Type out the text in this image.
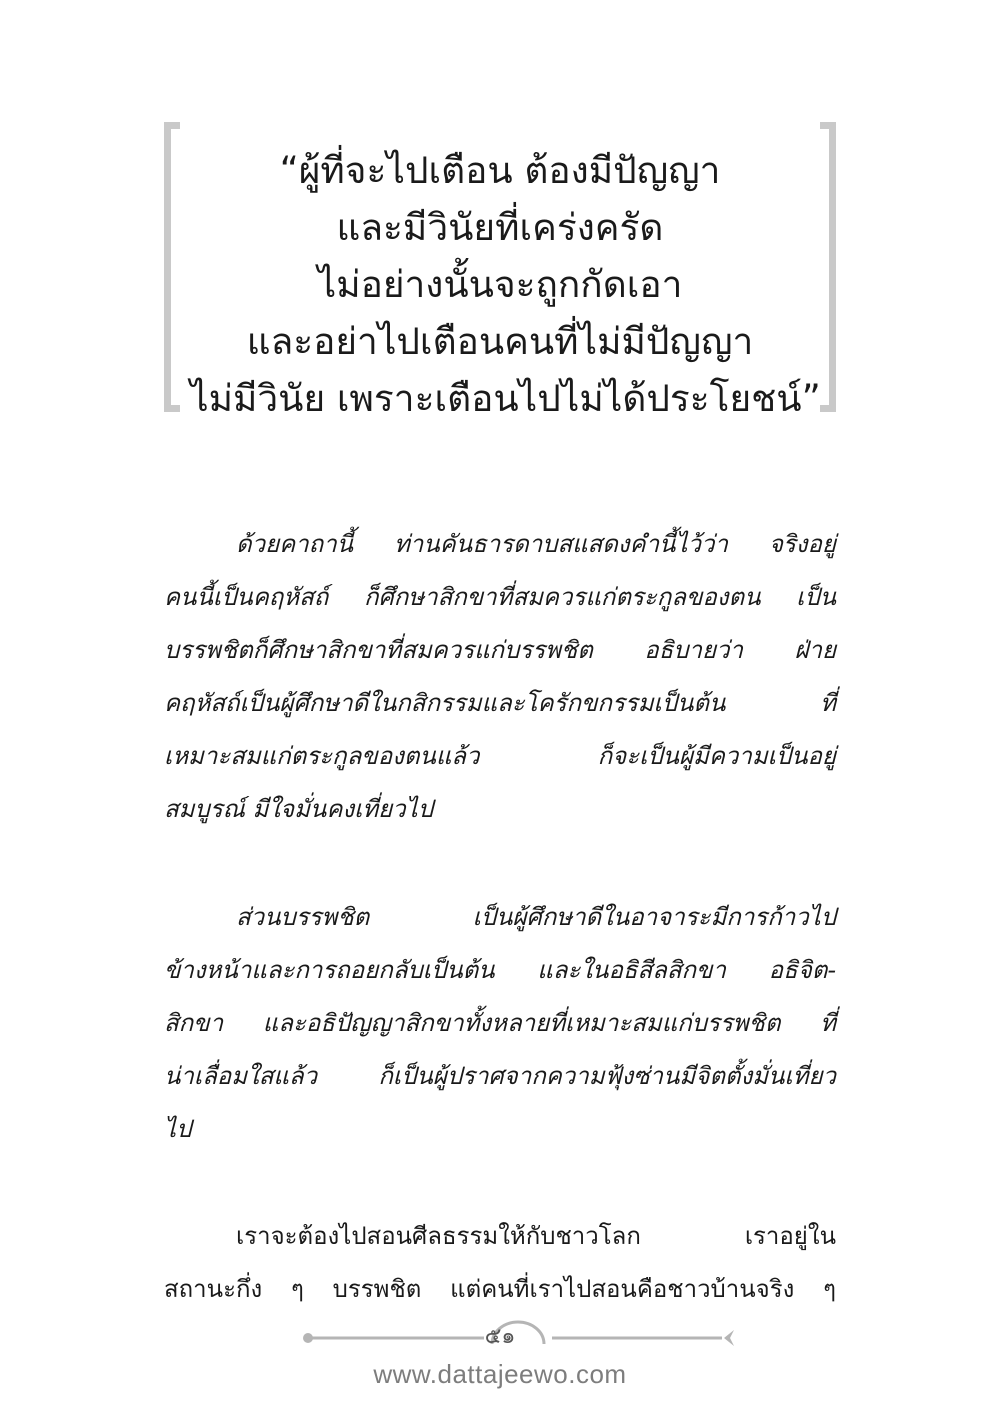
“ผู้ที่จะไปเตือน ต้องมีปัญญา
และมีวินัยที่เคร่งครัด
ไม่อย่างนั้นจะถูกกัดเอา
และอย่าไปเตือนคนที่ไม่มีปัญญา
ไม่มีวินัย เพราะเตือนไปไม่ได้ประโยชน์”
ด้วยคาถานี้ ท่านคันธารดาบสแสดงคำนี้ไว้ว่า จริงอยู่
คนนี้เป็นคฤหัสถ์ ก็ศึกษาสิกขาที่สมควรแก่ตระกูลของตน เป็น
บรรพชิตก็ศึกษาสิกขาที่สมควรแก่บรรพชิต อธิบายว่า ฝ่าย
คฤหัสถ์เป็นผู้ศึกษาดีในกสิกรรมและโครักขกรรมเป็นต้น ที่
เหมาะสมแก่ตระกูลของตนแล้ว ก็จะเป็นผู้มีความเป็นอยู่
สมบูรณ์ มีใจมั่นคงเที่ยวไป
ส่วนบรรพชิต เป็นผู้ศึกษาดีในอาจาระมีการก้าวไป
ข้างหน้าและการถอยกลับเป็นต้น และในอธิสีลสิกขา อธิจิต-
สิกขา และอธิปัญญาสิกขาทั้งหลายที่เหมาะสมแก่บรรพชิต ที่
น่าเลื่อมใสแล้ว ก็เป็นผู้ปราศจากความฟุ้งซ่านมีจิตตั้งมั่นเที่ยว
ไป
เราจะต้องไปสอนศีลธรรมให้กับชาวโลก เราอยู่ใน
สถานะกึ่ง ๆ บรรพชิต แต่คนที่เราไปสอนคือชาวบ้านจริง ๆ
๕๑
www.dattajeewo.com
